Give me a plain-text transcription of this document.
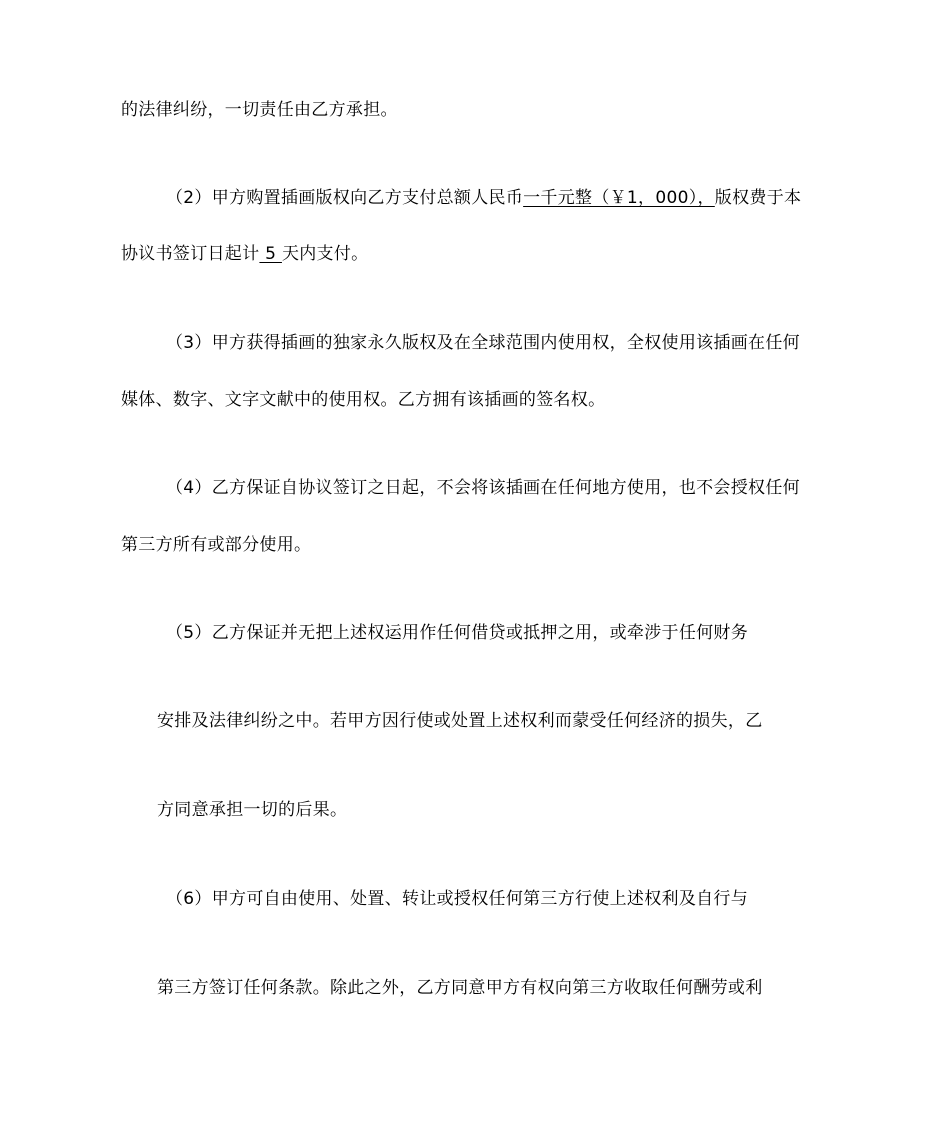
的法律纠纷，一切责任由乙方承担。
（2）甲方购置插画版权向乙方支付总额人民币一千元整（￥1，000），版权费于本
协议书签订日起计 5 天内支付。
（3）甲方获得插画的独家永久版权及在全球范围内使用权，全权使用该插画在任何
媒体、数字、文字文献中的使用权。乙方拥有该插画的签名权。
（4）乙方保证自协议签订之日起，不会将该插画在任何地方使用，也不会授权任何
第三方所有或部分使用。
（5）乙方保证并无把上述权运用作任何借贷或抵押之用，或牵涉于任何财务
安排及法律纠纷之中。若甲方因行使或处置上述权利而蒙受任何经济的损失，乙
方同意承担一切的后果。
（6）甲方可自由使用、处置、转让或授权任何第三方行使上述权利及自行与
第三方签订任何条款。除此之外，乙方同意甲方有权向第三方收取任何酬劳或利
